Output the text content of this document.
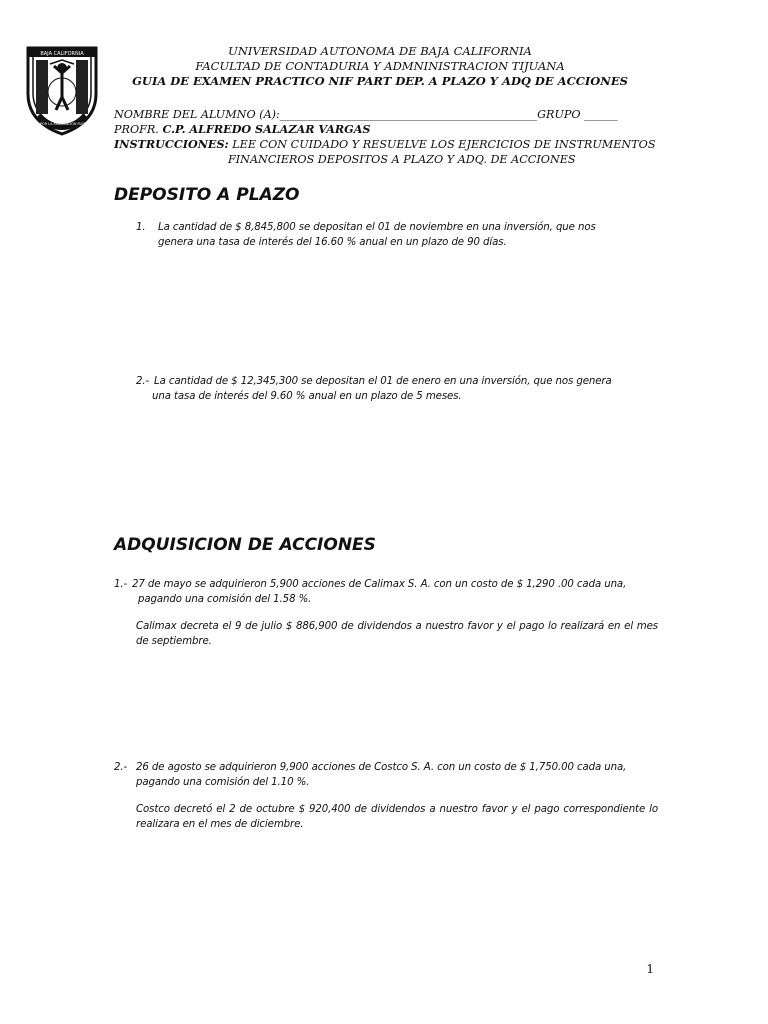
BAJA CALIFORNIA
POR LA REALIZACION PLENA DEL HOMBRE
UNIVERSIDAD AUTONOMA DE BAJA CALIFORNIA
FACULTAD DE CONTADURIA Y ADMNINISTRACION TIJUANA
GUIA DE EXAMEN PRACTICO NIF PART DEP. A PLAZO Y ADQ DE ACCIONES
NOMBRE DEL ALUMNO (A):______________________________________________GRUPO ______
PROFR. C.P. ALFREDO SALAZAR VARGAS
INSTRUCCIONES: LEE CON CUIDADO Y RESUELVE LOS EJERCICIOS DE INSTRUMENTOS
FINANCIEROS DEPOSITOS A PLAZO Y ADQ. DE ACCIONES
DEPOSITO A PLAZO
1.	La cantidad de $ 8,845,800 se depositan el 01 de noviembre en una inversión, que nos
genera una tasa de interés del 16.60 % anual en un plazo de 90 días.
2.- La cantidad de $ 12,345,300 se depositan el 01 de enero en una inversión, que nos genera
una tasa de interés del 9.60 % anual en un plazo de 5 meses.
ADQUISICION DE ACCIONES
1.- 27 de mayo se adquirieron 5,900 acciones de Calimax S. A. con un costo de $ 1,290 .00 cada una,
pagando una comisión del 1.58 %.
Calimax decreta el 9 de julio $ 886,900 de dividendos a nuestro favor y el pago lo realizará en el mes de septiembre.
2.- 26 de agosto se adquirieron 9,900 acciones de Costco S. A. con un costo de $ 1,750.00 cada una,
pagando una comisión del 1.10 %.
Costco decretó el 2 de octubre $ 920,400 de dividendos a nuestro favor y el pago correspondiente lo realizara en el mes de diciembre.
1
